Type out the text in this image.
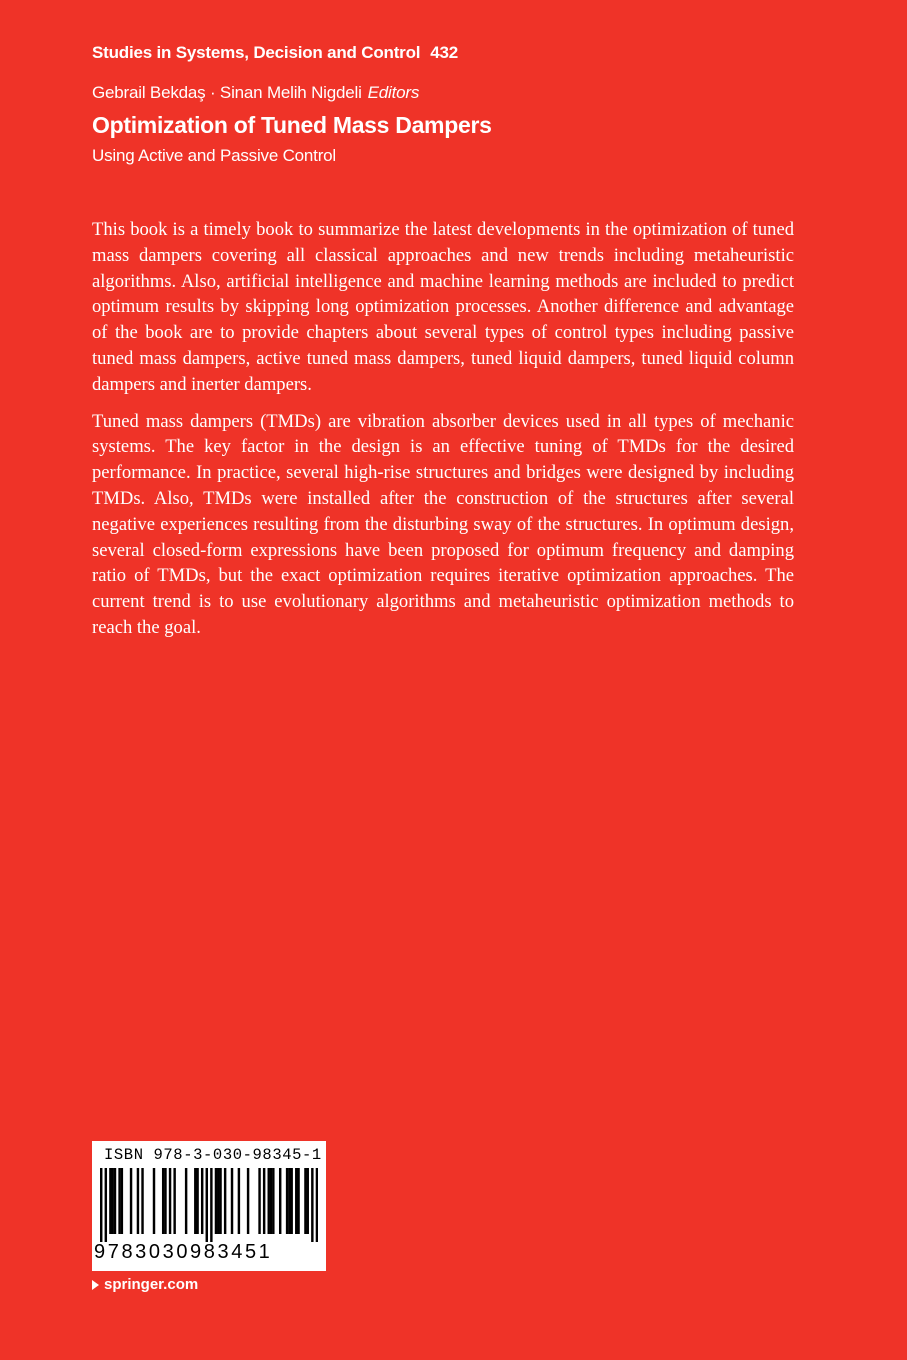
Studies in Systems, Decision and Control 432
Gebrail Bekdaş · Sinan Melih Nigdeli Editors
Optimization of Tuned Mass Dampers
Using Active and Passive Control

This book is a timely book to summarize the latest developments in the optimization of tuned mass dampers covering all classical approaches and new trends including metaheuristic algorithms. Also, artificial intelligence and machine learning methods are included to predict optimum results by skipping long optimization processes. Another difference and advantage of the book are to provide chapters about several types of control types including passive tuned mass dampers, active tuned mass dampers, tuned liquid dampers, tuned liquid column dampers and inerter dampers.

Tuned mass dampers (TMDs) are vibration absorber devices used in all types of mechanic systems. The key factor in the design is an effective tuning of TMDs for the desired performance. In practice, several high-rise structures and bridges were designed by including TMDs. Also, TMDs were installed after the construction of the structures after several negative experiences resulting from the disturbing sway of the structures. In optimum design, several closed-form expressions have been proposed for optimum frequency and damping ratio of TMDs, but the exact optimization requires iterative optimization approaches. The current trend is to use evolutionary algorithms and metaheuristic optimization methods to reach the goal.

ISBN 978-3-030-98345-1
9783030983451
springer.com
